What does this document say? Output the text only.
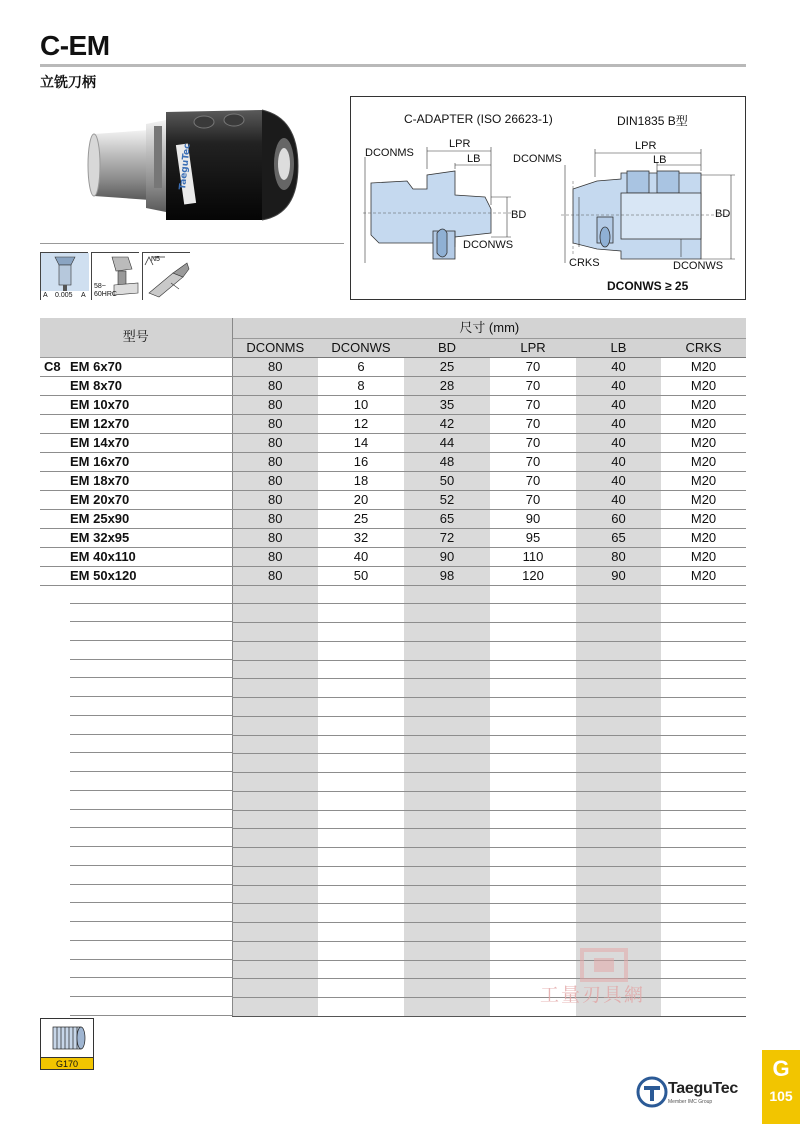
C-EM
立铣刀柄
TaeguTec
A 0.005 A
58~
60HRC
N5
C-ADAPTER (ISO 26623-1)	DIN1835 B型
DCONMS
LPR
LB
BD
DCONWS
DCONMS
LPR
LB
BD
CRKS	DCONWS
DCONWS ≥ 25
型号	尺寸 (mm)					
	DCONMS	DCONWS	BD	LPR	LB	CRKS
C8 EM 6x70	80	6	25	70	40	M20
EM 8x70	80	8	28	70	40	M20
EM 10x70	80	10	35	70	40	M20
EM 12x70	80	12	42	70	40	M20
EM 14x70	80	14	44	70	40	M20
EM 16x70	80	16	48	70	40	M20
EM 18x70	80	18	50	70	40	M20
EM 20x70	80	20	52	70	40	M20
EM 25x90	80	25	65	90	60	M20
EM 32x95	80	32	72	95	65	M20
EM 40x110	80	40	90	110	80	M20
EM 50x120	80	50	98	120	90	M20

G170
工量刃具網
TaeguTec
Member IMC Group
G
105
